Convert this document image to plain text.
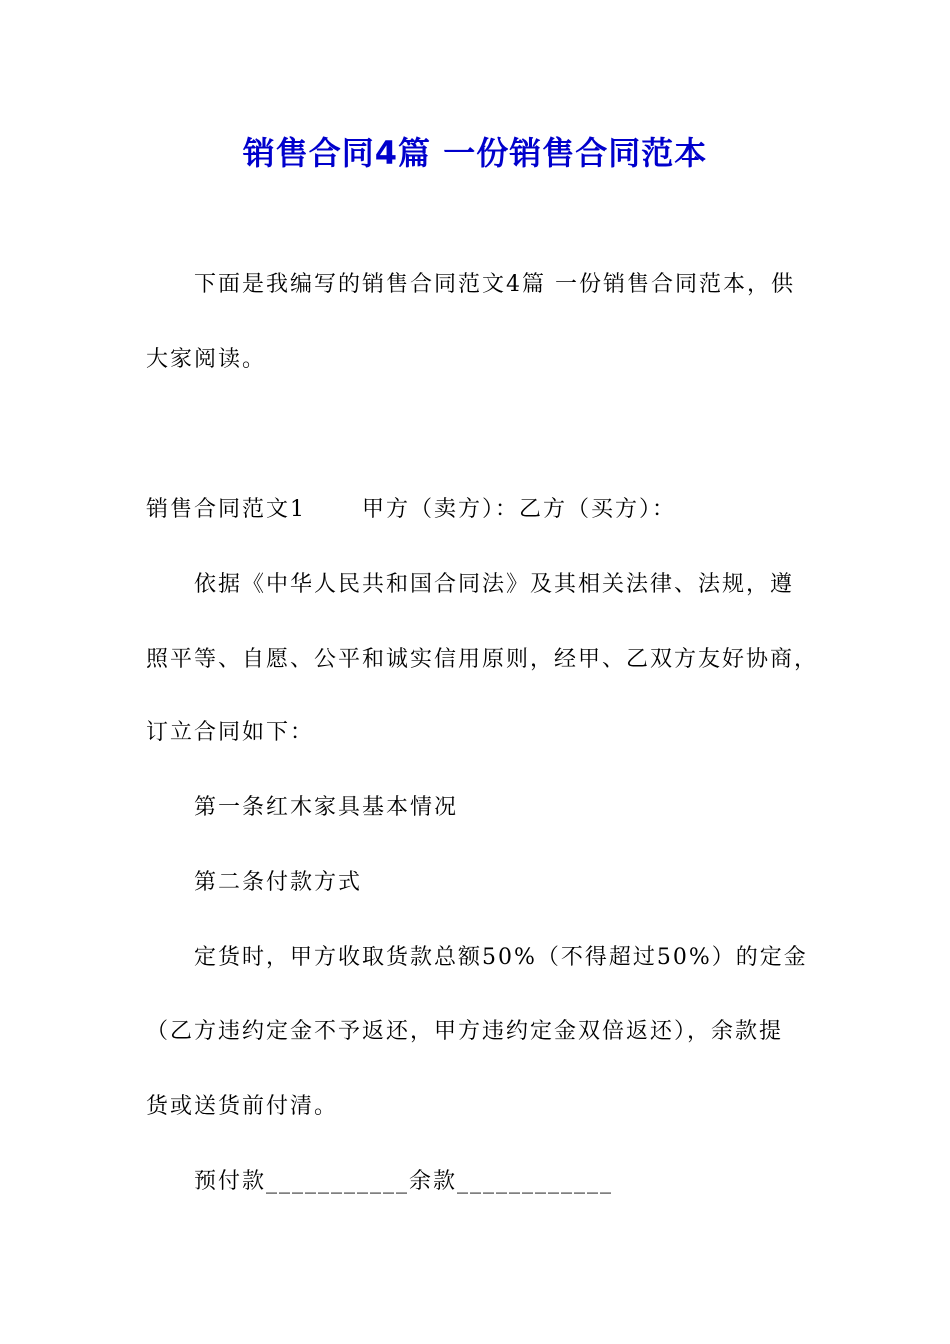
销售合同4篇 一份销售合同范本
下面是我编写的销售合同范文4篇 一份销售合同范本，供
大家阅读。
销售合同范文1	甲方（卖方）：乙方（买方）：
依据《中华人民共和国合同法》及其相关法律、法规，遵
照平等、自愿、公平和诚实信用原则，经甲、乙双方友好协商，
订立合同如下：
第一条红木家具基本情况
第二条付款方式
定货时，甲方收取货款总额50%（不得超过50%）的定金
（乙方违约定金不予返还，甲方违约定金双倍返还），余款提
货或送货前付清。
预付款___________余款____________
